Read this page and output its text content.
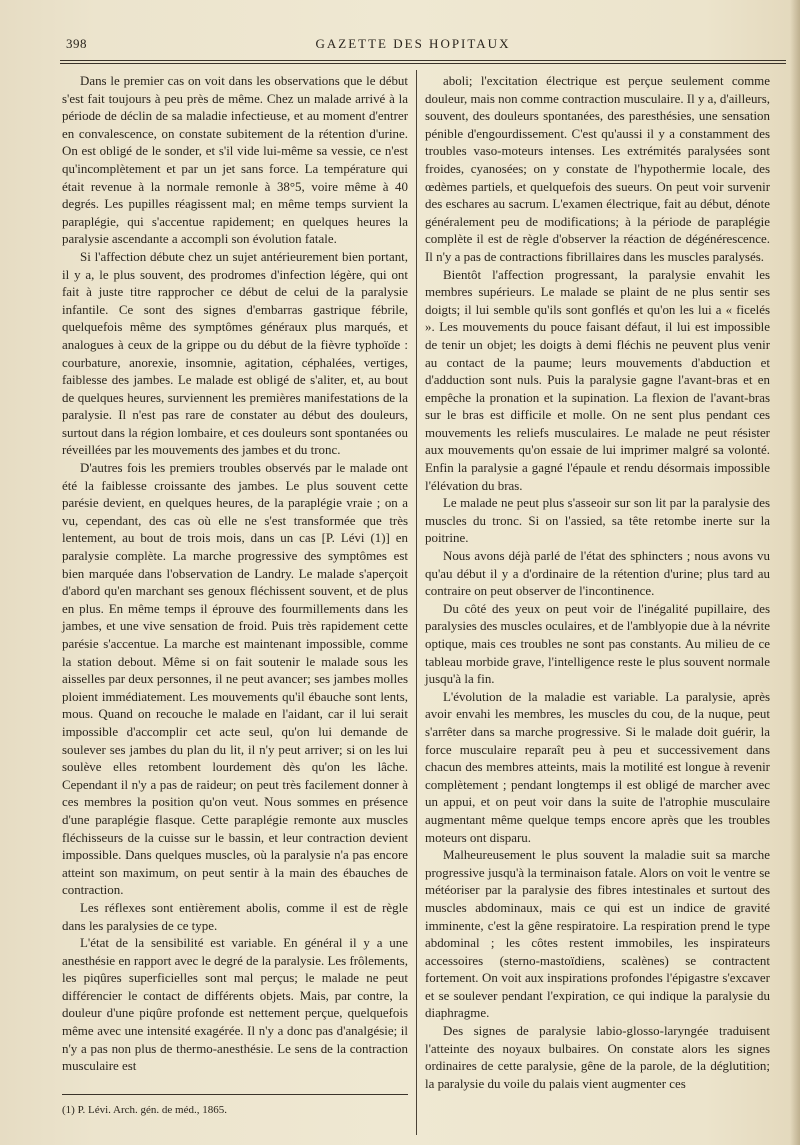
398	GAZETTE DES HOPITAUX

Dans le premier cas on voit dans les observations que le début s'est fait toujours à peu près de même. Chez un malade arrivé à la période de déclin de sa maladie infectieuse, et au moment d'entrer en convalescence, on constate subitement de la rétention d'urine. On est obligé de le sonder, et s'il vide lui-même sa vessie, ce n'est qu'incomplètement et par un jet sans force. La température qui était revenue à la normale remonle à 38°5, voire même à 40 degrés. Les pupilles réagissent mal; en même temps survient la paraplégie, qui s'accentue rapidement; en quelques heures la paralysie ascendante a accompli son évolution fatale.

Si l'affection débute chez un sujet antérieurement bien portant, il y a, le plus souvent, des prodromes d'infection légère, qui ont fait à juste titre rapprocher ce début de celui de la paralysie infantile. Ce sont des signes d'embarras gastrique fébrile, quelquefois même des symptômes généraux plus marqués, et analogues à ceux de la grippe ou du début de la fièvre typhoïde : courbature, anorexie, insomnie, agitation, céphalées, vertiges, faiblesse des jambes. Le malade est obligé de s'aliter, et, au bout de quelques heures, surviennent les premières manifestations de la paralysie. Il n'est pas rare de constater au début des douleurs, surtout dans la région lombaire, et ces douleurs sont spontanées ou réveillées par les mouvements des jambes et du tronc.

D'autres fois les premiers troubles observés par le malade ont été la faiblesse croissante des jambes. Le plus souvent cette parésie devient, en quelques heures, de la paraplégie vraie ; on a vu, cependant, des cas où elle ne s'est transformée que très lentement, au bout de trois mois, dans un cas [P. Lévi (1)] en paralysie complète. La marche progressive des symptômes est bien marquée dans l'observation de Landry. Le malade s'aperçoit d'abord qu'en marchant ses genoux fléchissent souvent, et de plus en plus. En même temps il éprouve des fourmillements dans les jambes, et une vive sensation de froid. Puis très rapidement cette parésie s'accentue. La marche est maintenant impossible, comme la station debout. Même si on fait soutenir le malade sous les aisselles par deux personnes, il ne peut avancer; ses jambes molles ploient immédiatement. Les mouvements qu'il ébauche sont lents, mous. Quand on recouche le malade en l'aidant, car il lui serait impossible d'accomplir cet acte seul, qu'on lui demande de soulever ses jambes du plan du lit, il n'y peut arriver; si on les lui soulève elles retombent lourdement dès qu'on les lâche. Cependant il n'y a pas de raideur; on peut très facilement donner à ces membres la position qu'on veut. Nous sommes en présence d'une paraplégie flasque. Cette paraplégie remonte aux muscles fléchisseurs de la cuisse sur le bassin, et leur contraction devient impossible. Dans quelques muscles, où la paralysie n'a pas encore atteint son maximum, on peut sentir à la main des ébauches de contraction.

Les réflexes sont entièrement abolis, comme il est de règle dans les paralysies de ce type.

L'état de la sensibilité est variable. En général il y a une anesthésie en rapport avec le degré de la paralysie. Les frôlements, les piqûres superficielles sont mal perçus; le malade ne peut différencier le contact de différents objets. Mais, par contre, la douleur d'une piqûre profonde est nettement perçue, quelquefois même avec une intensité exagérée. Il n'y a donc pas d'analgésie; il n'y a pas non plus de thermo-anesthésie. Le sens de la contraction musculaire est

aboli; l'excitation électrique est perçue seulement comme douleur, mais non comme contraction musculaire. Il y a, d'ailleurs, souvent, des douleurs spontanées, des paresthésies, une sensation pénible d'engourdissement. C'est qu'aussi il y a constamment des troubles vaso-moteurs intenses. Les extrémités paralysées sont froides, cyanosées; on y constate de l'hypothermie locale, des œdèmes partiels, et quelquefois des sueurs. On peut voir survenir des eschares au sacrum. L'examen électrique, fait au début, dénote généralement peu de modifications; à la période de paraplégie complète il est de règle d'observer la réaction de dégénérescence. Il n'y a pas de contractions fibrillaires dans les muscles paralysés.

Bientôt l'affection progressant, la paralysie envahit les membres supérieurs. Le malade se plaint de ne plus sentir ses doigts; il lui semble qu'ils sont gonflés et qu'on les lui a « ficelés ». Les mouvements du pouce faisant défaut, il lui est impossible de tenir un objet; les doigts à demi fléchis ne peuvent plus venir au contact de la paume; leurs mouvements d'abduction et d'adduction sont nuls. Puis la paralysie gagne l'avant-bras et en empêche la pronation et la supination. La flexion de l'avant-bras sur le bras est difficile et molle. On ne sent plus pendant ces mouvements les reliefs musculaires. Le malade ne peut résister aux mouvements qu'on essaie de lui imprimer malgré sa volonté. Enfin la paralysie a gagné l'épaule et rendu désormais impossible l'élévation du bras.

Le malade ne peut plus s'asseoir sur son lit par la paralysie des muscles du tronc. Si on l'assied, sa tête retombe inerte sur la poitrine.

Nous avons déjà parlé de l'état des sphincters ; nous avons vu qu'au début il y a d'ordinaire de la rétention d'urine; plus tard au contraire on peut observer de l'incontinence.

Du côté des yeux on peut voir de l'inégalité pupillaire, des paralysies des muscles oculaires, et de l'amblyopie due à la névrite optique, mais ces troubles ne sont pas constants. Au milieu de ce tableau morbide grave, l'intelligence reste le plus souvent normale jusqu'à la fin.

L'évolution de la maladie est variable. La paralysie, après avoir envahi les membres, les muscles du cou, de la nuque, peut s'arrêter dans sa marche progressive. Si le malade doit guérir, la force musculaire reparaît peu à peu et successivement dans chacun des membres atteints, mais la motilité est longue à revenir complètement ; pendant longtemps il est obligé de marcher avec un appui, et on peut voir dans la suite de l'atrophie musculaire augmentant même quelque temps encore après que les troubles moteurs ont disparu.

Malheureusement le plus souvent la maladie suit sa marche progressive jusqu'à la terminaison fatale. Alors on voit le ventre se météoriser par la paralysie des fibres intestinales et surtout des muscles abdominaux, mais ce qui est un indice de gravité imminente, c'est la gêne respiratoire. La respiration prend le type abdominal ; les côtes restent immobiles, les inspirateurs accessoires (sterno-mastoïdiens, scalènes) se contractent fortement. On voit aux inspirations profondes l'épigastre s'excaver et se soulever pendant l'expiration, ce qui indique la paralysie du diaphragme.

Des signes de paralysie labio-glosso-laryngée traduisent l'atteinte des noyaux bulbaires. On constate alors les signes ordinaires de cette paralysie, gêne de la parole, de la déglutition; la paralysie du voile du palais vient augmenter ces

(1) P. Lévi. Arch. gén. de méd., 1865.
